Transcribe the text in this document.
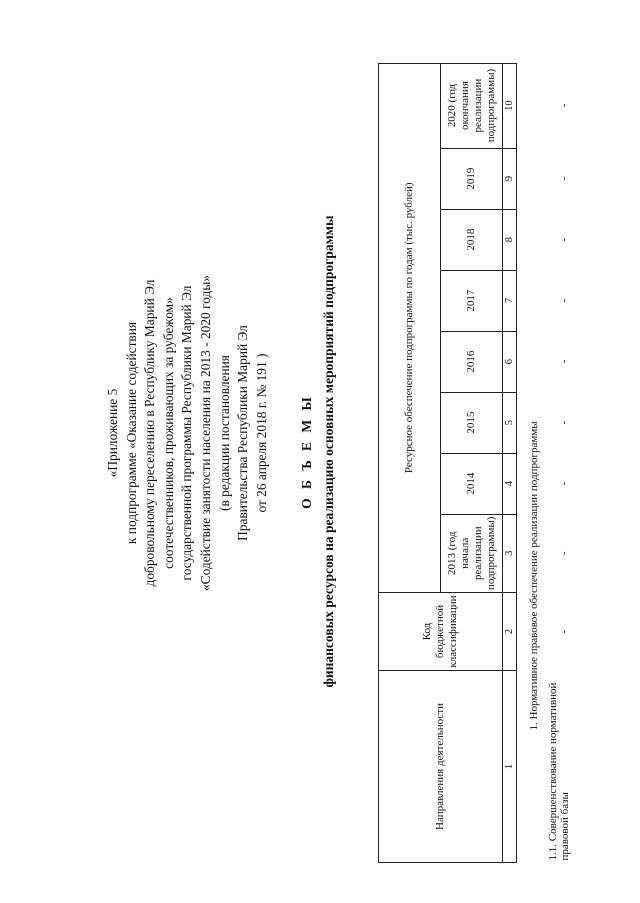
«Приложение 5 к подпрограмме «Оказание содействия добровольному переселению в Республику Марий Эл соотечественников, проживающих за рубежом» государственной программы Республики Марий Эл «Содействие занятости населения на 2013 - 2020 годы» (в редакции постановления Правительства Республики Марий Эл от 26 апреля 2018 г. № 191 ) О Б Ъ Е М Ы финансовых ресурсов на реализацию основных мероприятий подпрограммы
Направления деятельности	Код бюджетной классификации	Ресурсное обеспечение подпрограммы по годам (тыс. рублей)							
		2013 (год начала реализации подпрограммы)	2014	2015	2016	2017	2018	2019	2020 (год окончания реализации подпрограммы)
1	2	3	4	5	6	7	8	9	10
1. Нормативное правовое обеспечение реализации подпрограммы									
1.1. Совершенствование нормативной правовой базы	-	-	-	-	-	-	-	-	-
